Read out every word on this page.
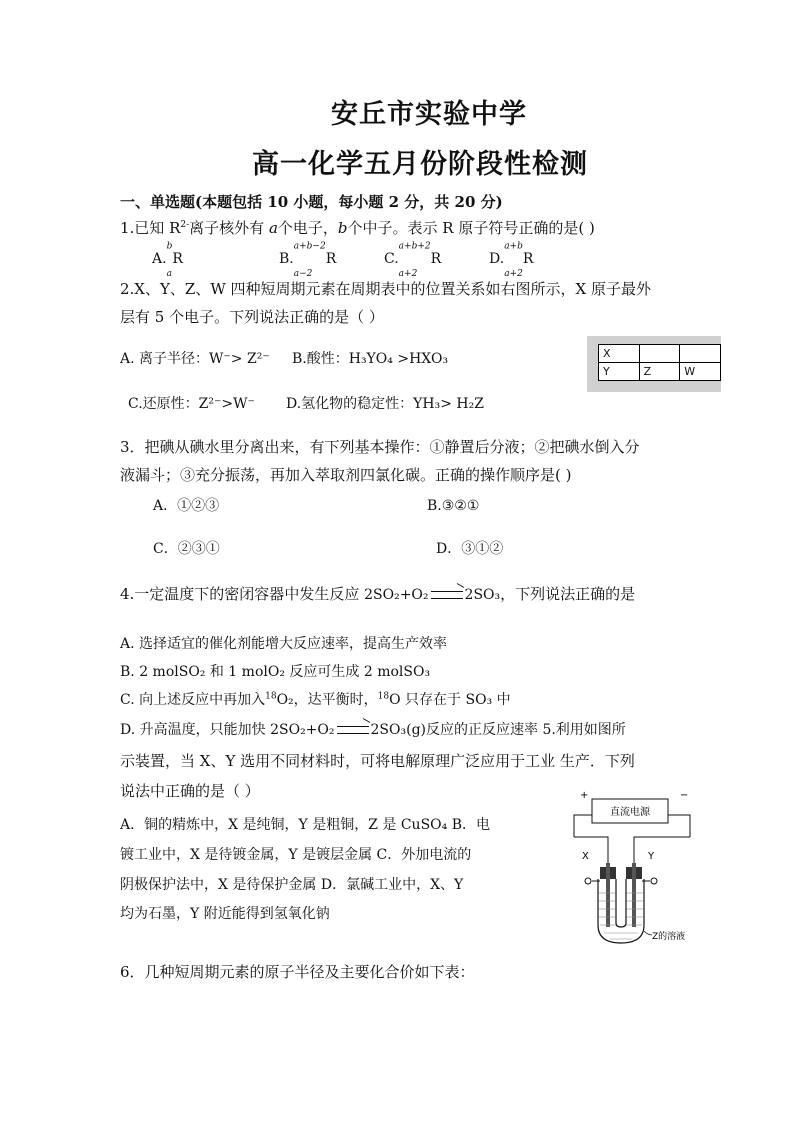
安丘市实验中学
高一化学五月份阶段性检测
一、单选题(本题包括 10 小题，每小题 2 分，共 20 分)
1.已知 $R^{2-}$离子核外有 a个电子，b个中子。表示 R 原子符号正确的是( )
A.$^b$
$_a$R	B.$^{a+b-2}$
$_{a-2}$R	C.$^{a+b+2}$
$_{a+2}$R	D.$^{a+b}$
$_{a+2}$R
2.X、Y、Z、W 四种短周期元素在周期表中的位置关系如右图所示，X 原子最外
层有 5 个电子。下列说法正确的是（ ）
A. 离子半径：W⁻> Z²⁻ B.酸性：H₃YO₄ >HXO₃
C.还原性：Z²⁻>W⁻ D.氢化物的稳定性：YH₃> H₂Z
X		
Y	Z	W
3．把碘从碘水里分离出来，有下列基本操作：①静置后分液；②把碘水倒入分
液漏斗；③充分振荡，再加入萃取剂四氯化碳。正确的操作顺序是( )
A．①②③	B.③②①
C．②③①	D．③①②
4.一定温度下的密闭容器中发生反应 2SO₂+O₂	2SO₃，下列说法正确的是
A. 选择适宜的催化剂能增大反应速率，提高生产效率
B. 2 molSO₂ 和 1 molO₂ 反应可生成 2 molSO₃
C. 向上述反应中再加入$^{18}$O₂，达平衡时，$^{18}$O 只存在于 SO₃ 中
D. 升高温度，只能加快 2SO₂+O₂	2SO₃(g)反应的正反应速率 5.利用如图所
示装置，当 X、Y 选用不同材料时，可将电解原理广泛应用于工业 生产．下列
说法中正确的是（ ）
A．铜的精炼中，X 是纯铜，Y 是粗铜，Z 是 CuSO₄ B．电
镀工业中，X 是待镀金属，Y 是镀层金属 C．外加电流的
阴极保护法中，X 是待保护金属 D．氯碱工业中，X、Y
均为石墨，Y 附近能得到氢氧化钠
+	−
直流电源
X	Y
Z的溶液
6．几种短周期元素的原子半径及主要化合价如下表：
